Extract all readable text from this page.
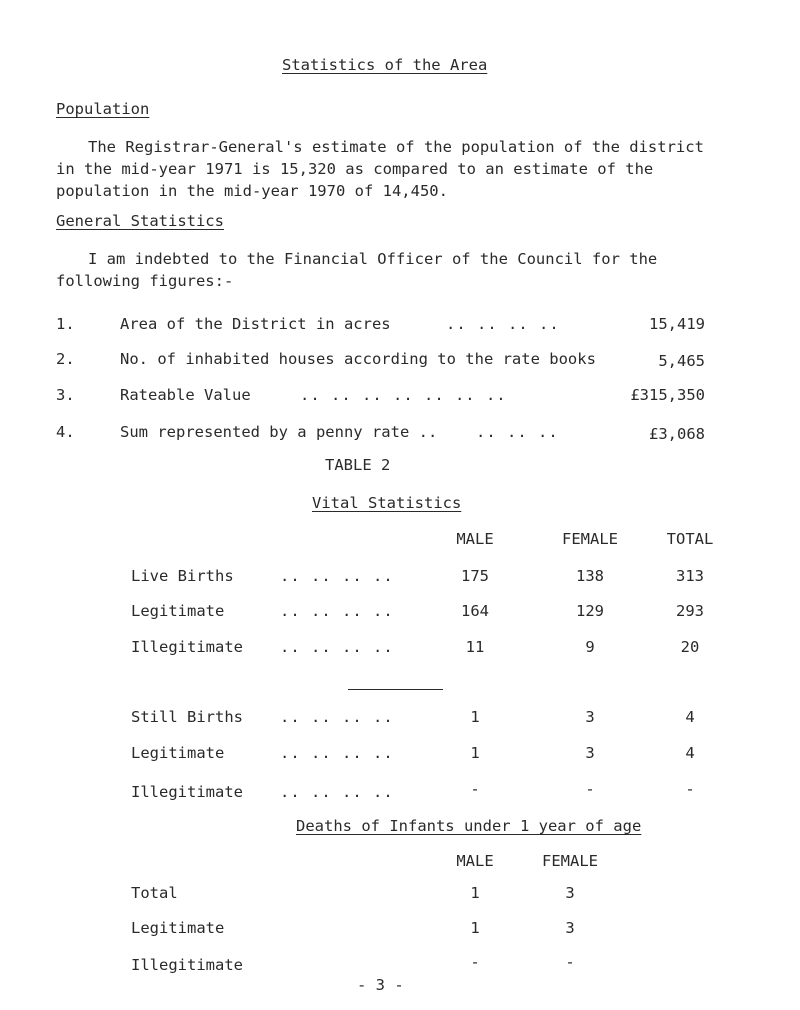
Statistics of the Area
Population
The Registrar-General's estimate of the population of the district
in the mid-year 1971 is 15,320 as compared to an estimate of the
population in the mid-year 1970 of 14,450.
General Statistics
I am indebted to the Financial Officer of the Council for the
following figures:-
1.	Area of the District in acres	.. .. .. ..	15,419
2.	No. of inhabited houses according to the rate books	5,465
3.	Rateable Value	.. .. .. .. .. .. ..	£315,350
4.	Sum represented by a penny rate .. .. .. ..	£3,068
TABLE 2
Vital Statistics
MALE	FEMALE	TOTAL
Live Births	.. .. .. ..	175	138	313
Legitimate	.. .. .. ..	164	129	293
Illegitimate .. .. .. ..	11	9	20
Still Births .. .. .. ..	1	3	4
Legitimate	.. .. .. ..	1	3	4
Illegitimate .. .. .. ..	-	-	-
Deaths of Infants under 1 year of age
MALE	FEMALE
Total	1	3
Legitimate	1	3
Illegitimate	-	-
- 3 -
